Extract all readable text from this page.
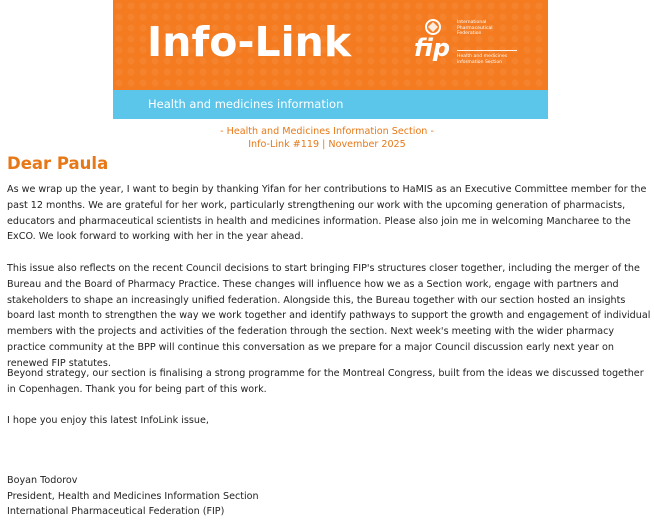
Info-Link
Health and medicines information
fip
International
Pharmaceutical
Federation
Health and medicines
information Section
- Health and Medicines Information Section -
Info-Link #119 | November 2025
Dear Paula

As we wrap up the year, I want to begin by thanking Yifan for her contributions to HaMIS as an Executive Committee member for the past 12 months. We are grateful for her work, particularly strengthening our work with the upcoming generation of pharmacists, educators and pharmaceutical scientists in health and medicines information. Please also join me in welcoming Mancharee to the ExCO. We look forward to working with her in the year ahead.

This issue also reflects on the recent Council decisions to start bringing FIP's structures closer together, including the merger of the Bureau and the Board of Pharmacy Practice. These changes will influence how we as a Section work, engage with partners and stakeholders to shape an increasingly unified federation. Alongside this, the Bureau together with our section hosted an insights board last month to strengthen the way we work together and identify pathways to support the growth and engagement of individual members with the projects and activities of the federation through the section. Next week's meeting with the wider pharmacy practice community at the BPP will continue this conversation as we prepare for a major Council discussion early next year on renewed FIP statutes.

Beyond strategy, our section is finalising a strong programme for the Montreal Congress, built from the ideas we discussed together in Copenhagen. Thank you for being part of this work.

I hope you enjoy this latest InfoLink issue,

Boyan Todorov
President, Health and Medicines Information Section
International Pharmaceutical Federation (FIP)
